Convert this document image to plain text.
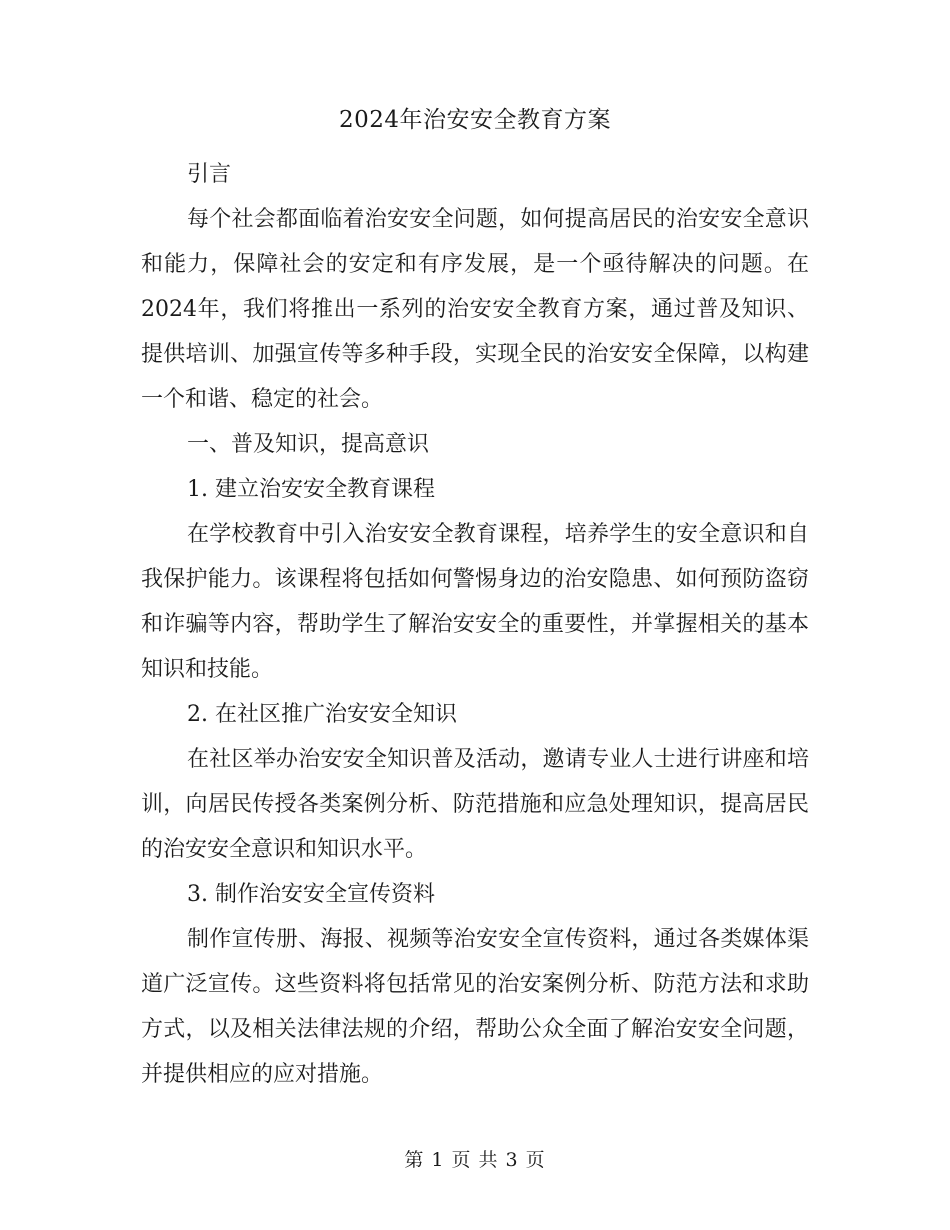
2024年治安安全教育方案

引言

每个社会都面临着治安安全问题，如何提高居民的治安安全意识和能力，保障社会的安定和有序发展，是一个亟待解决的问题。在2024年，我们将推出一系列的治安安全教育方案，通过普及知识、提供培训、加强宣传等多种手段，实现全民的治安安全保障，以构建一个和谐、稳定的社会。

一、普及知识，提高意识

1. 建立治安安全教育课程

在学校教育中引入治安安全教育课程，培养学生的安全意识和自我保护能力。该课程将包括如何警惕身边的治安隐患、如何预防盗窃和诈骗等内容，帮助学生了解治安安全的重要性，并掌握相关的基本知识和技能。

2. 在社区推广治安安全知识

在社区举办治安安全知识普及活动，邀请专业人士进行讲座和培训，向居民传授各类案例分析、防范措施和应急处理知识，提高居民的治安安全意识和知识水平。

3. 制作治安安全宣传资料

制作宣传册、海报、视频等治安安全宣传资料，通过各类媒体渠道广泛宣传。这些资料将包括常见的治安案例分析、防范方法和求助方式，以及相关法律法规的介绍，帮助公众全面了解治安安全问题，并提供相应的应对措施。

第 1 页 共 3 页
